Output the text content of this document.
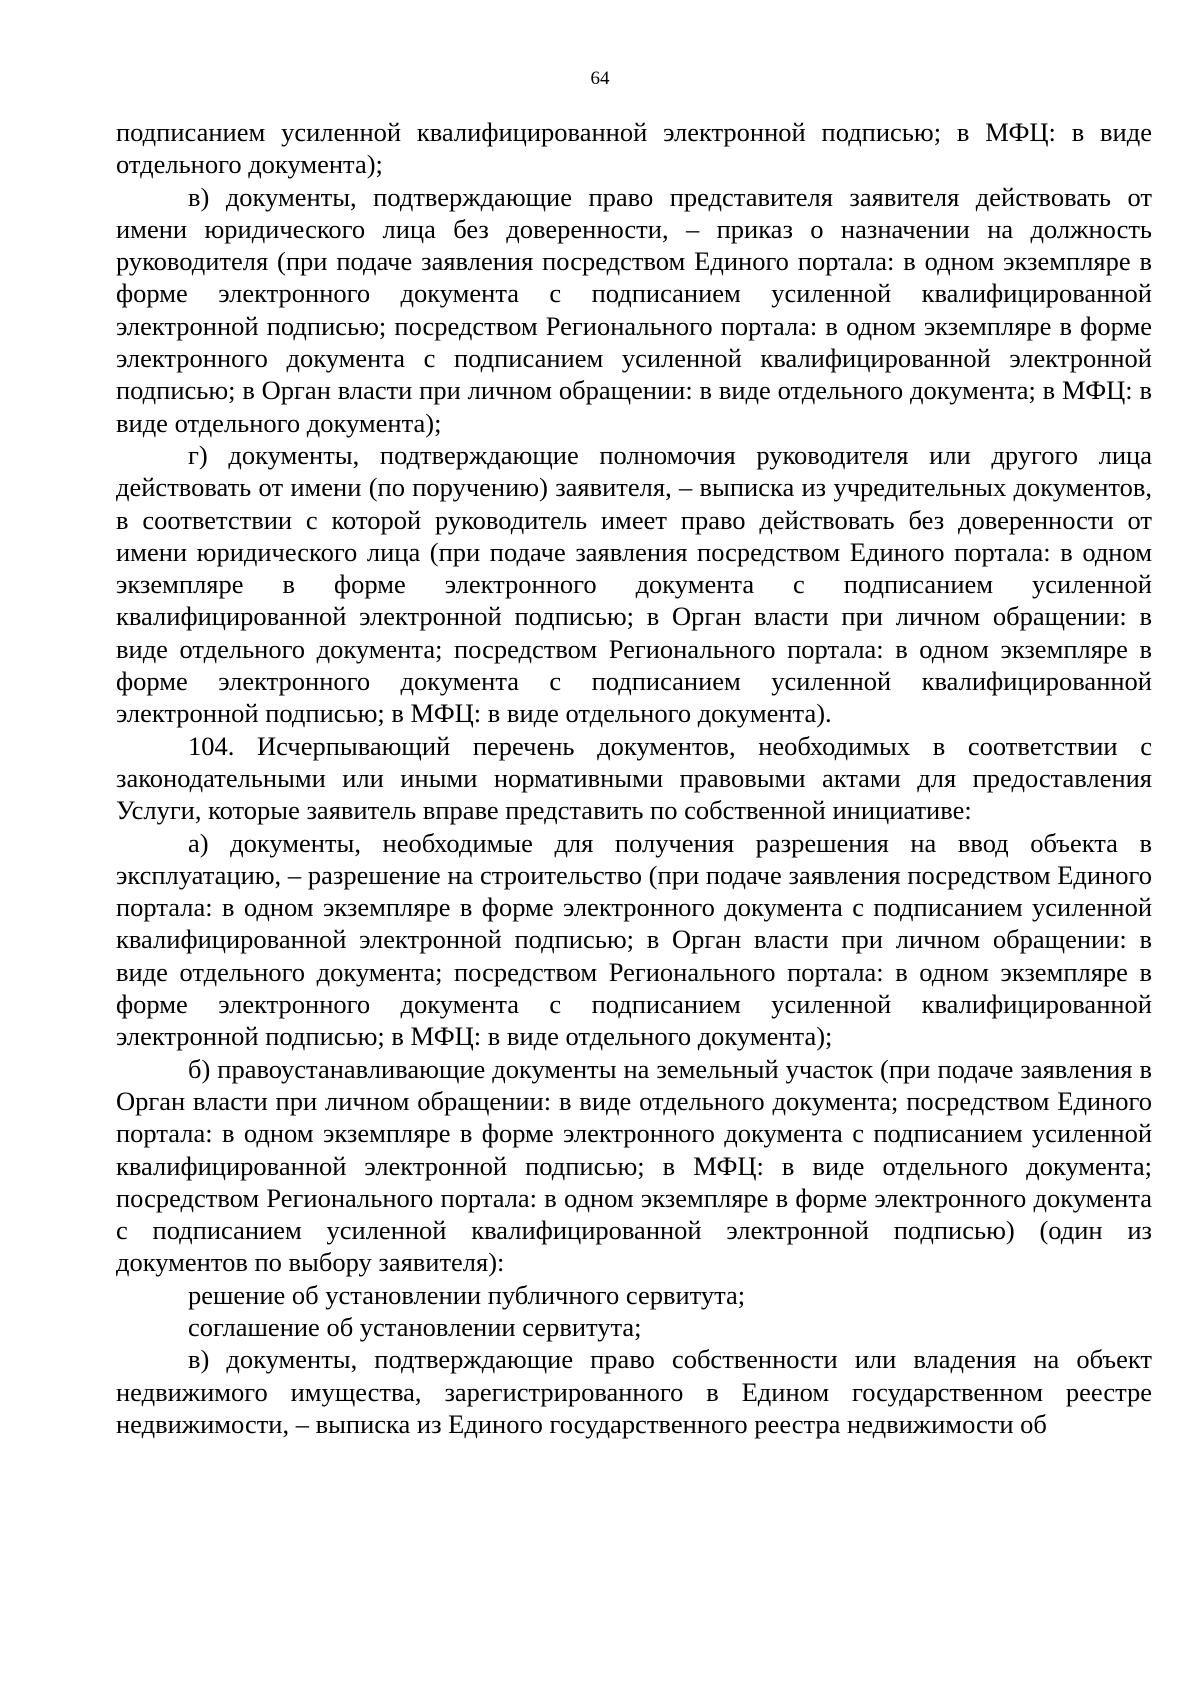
64

подписанием усиленной квалифицированной электронной подписью; в МФЦ: в виде отдельного документа);

в) документы, подтверждающие право представителя заявителя действовать от имени юридического лица без доверенности, – приказ о назначении на должность руководителя (при подаче заявления посредством Единого портала: в одном экземпляре в форме электронного документа с подписанием усиленной квалифицированной электронной подписью; посредством Регионального портала: в одном экземпляре в форме электронного документа с подписанием усиленной квалифицированной электронной подписью; в Орган власти при личном обращении: в виде отдельного документа; в МФЦ: в виде отдельного документа);

г) документы, подтверждающие полномочия руководителя или другого лица действовать от имени (по поручению) заявителя, – выписка из учредительных документов, в соответствии с которой руководитель имеет право действовать без доверенности от имени юридического лица (при подаче заявления посредством Единого портала: в одном экземпляре в форме электронного документа с подписанием усиленной квалифицированной электронной подписью; в Орган власти при личном обращении: в виде отдельного документа; посредством Регионального портала: в одном экземпляре в форме электронного документа с подписанием усиленной квалифицированной электронной подписью; в МФЦ: в виде отдельного документа).

104. Исчерпывающий перечень документов, необходимых в соответствии с законодательными или иными нормативными правовыми актами для предоставления Услуги, которые заявитель вправе представить по собственной инициативе:

а) документы, необходимые для получения разрешения на ввод объекта в эксплуатацию, – разрешение на строительство (при подаче заявления посредством Единого портала: в одном экземпляре в форме электронного документа с подписанием усиленной квалифицированной электронной подписью; в Орган власти при личном обращении: в виде отдельного документа; посредством Регионального портала: в одном экземпляре в форме электронного документа с подписанием усиленной квалифицированной электронной подписью; в МФЦ: в виде отдельного документа);

б) правоустанавливающие документы на земельный участок (при подаче заявления в Орган власти при личном обращении: в виде отдельного документа; посредством Единого портала: в одном экземпляре в форме электронного документа с подписанием усиленной квалифицированной электронной подписью; в МФЦ: в виде отдельного документа; посредством Регионального портала: в одном экземпляре в форме электронного документа с подписанием усиленной квалифицированной электронной подписью) (один из документов по выбору заявителя):

решение об установлении публичного сервитута;

соглашение об установлении сервитута;

в) документы, подтверждающие право собственности или владения на объект недвижимого имущества, зарегистрированного в Едином государственном реестре недвижимости, – выписка из Единого государственного реестра недвижимости об
